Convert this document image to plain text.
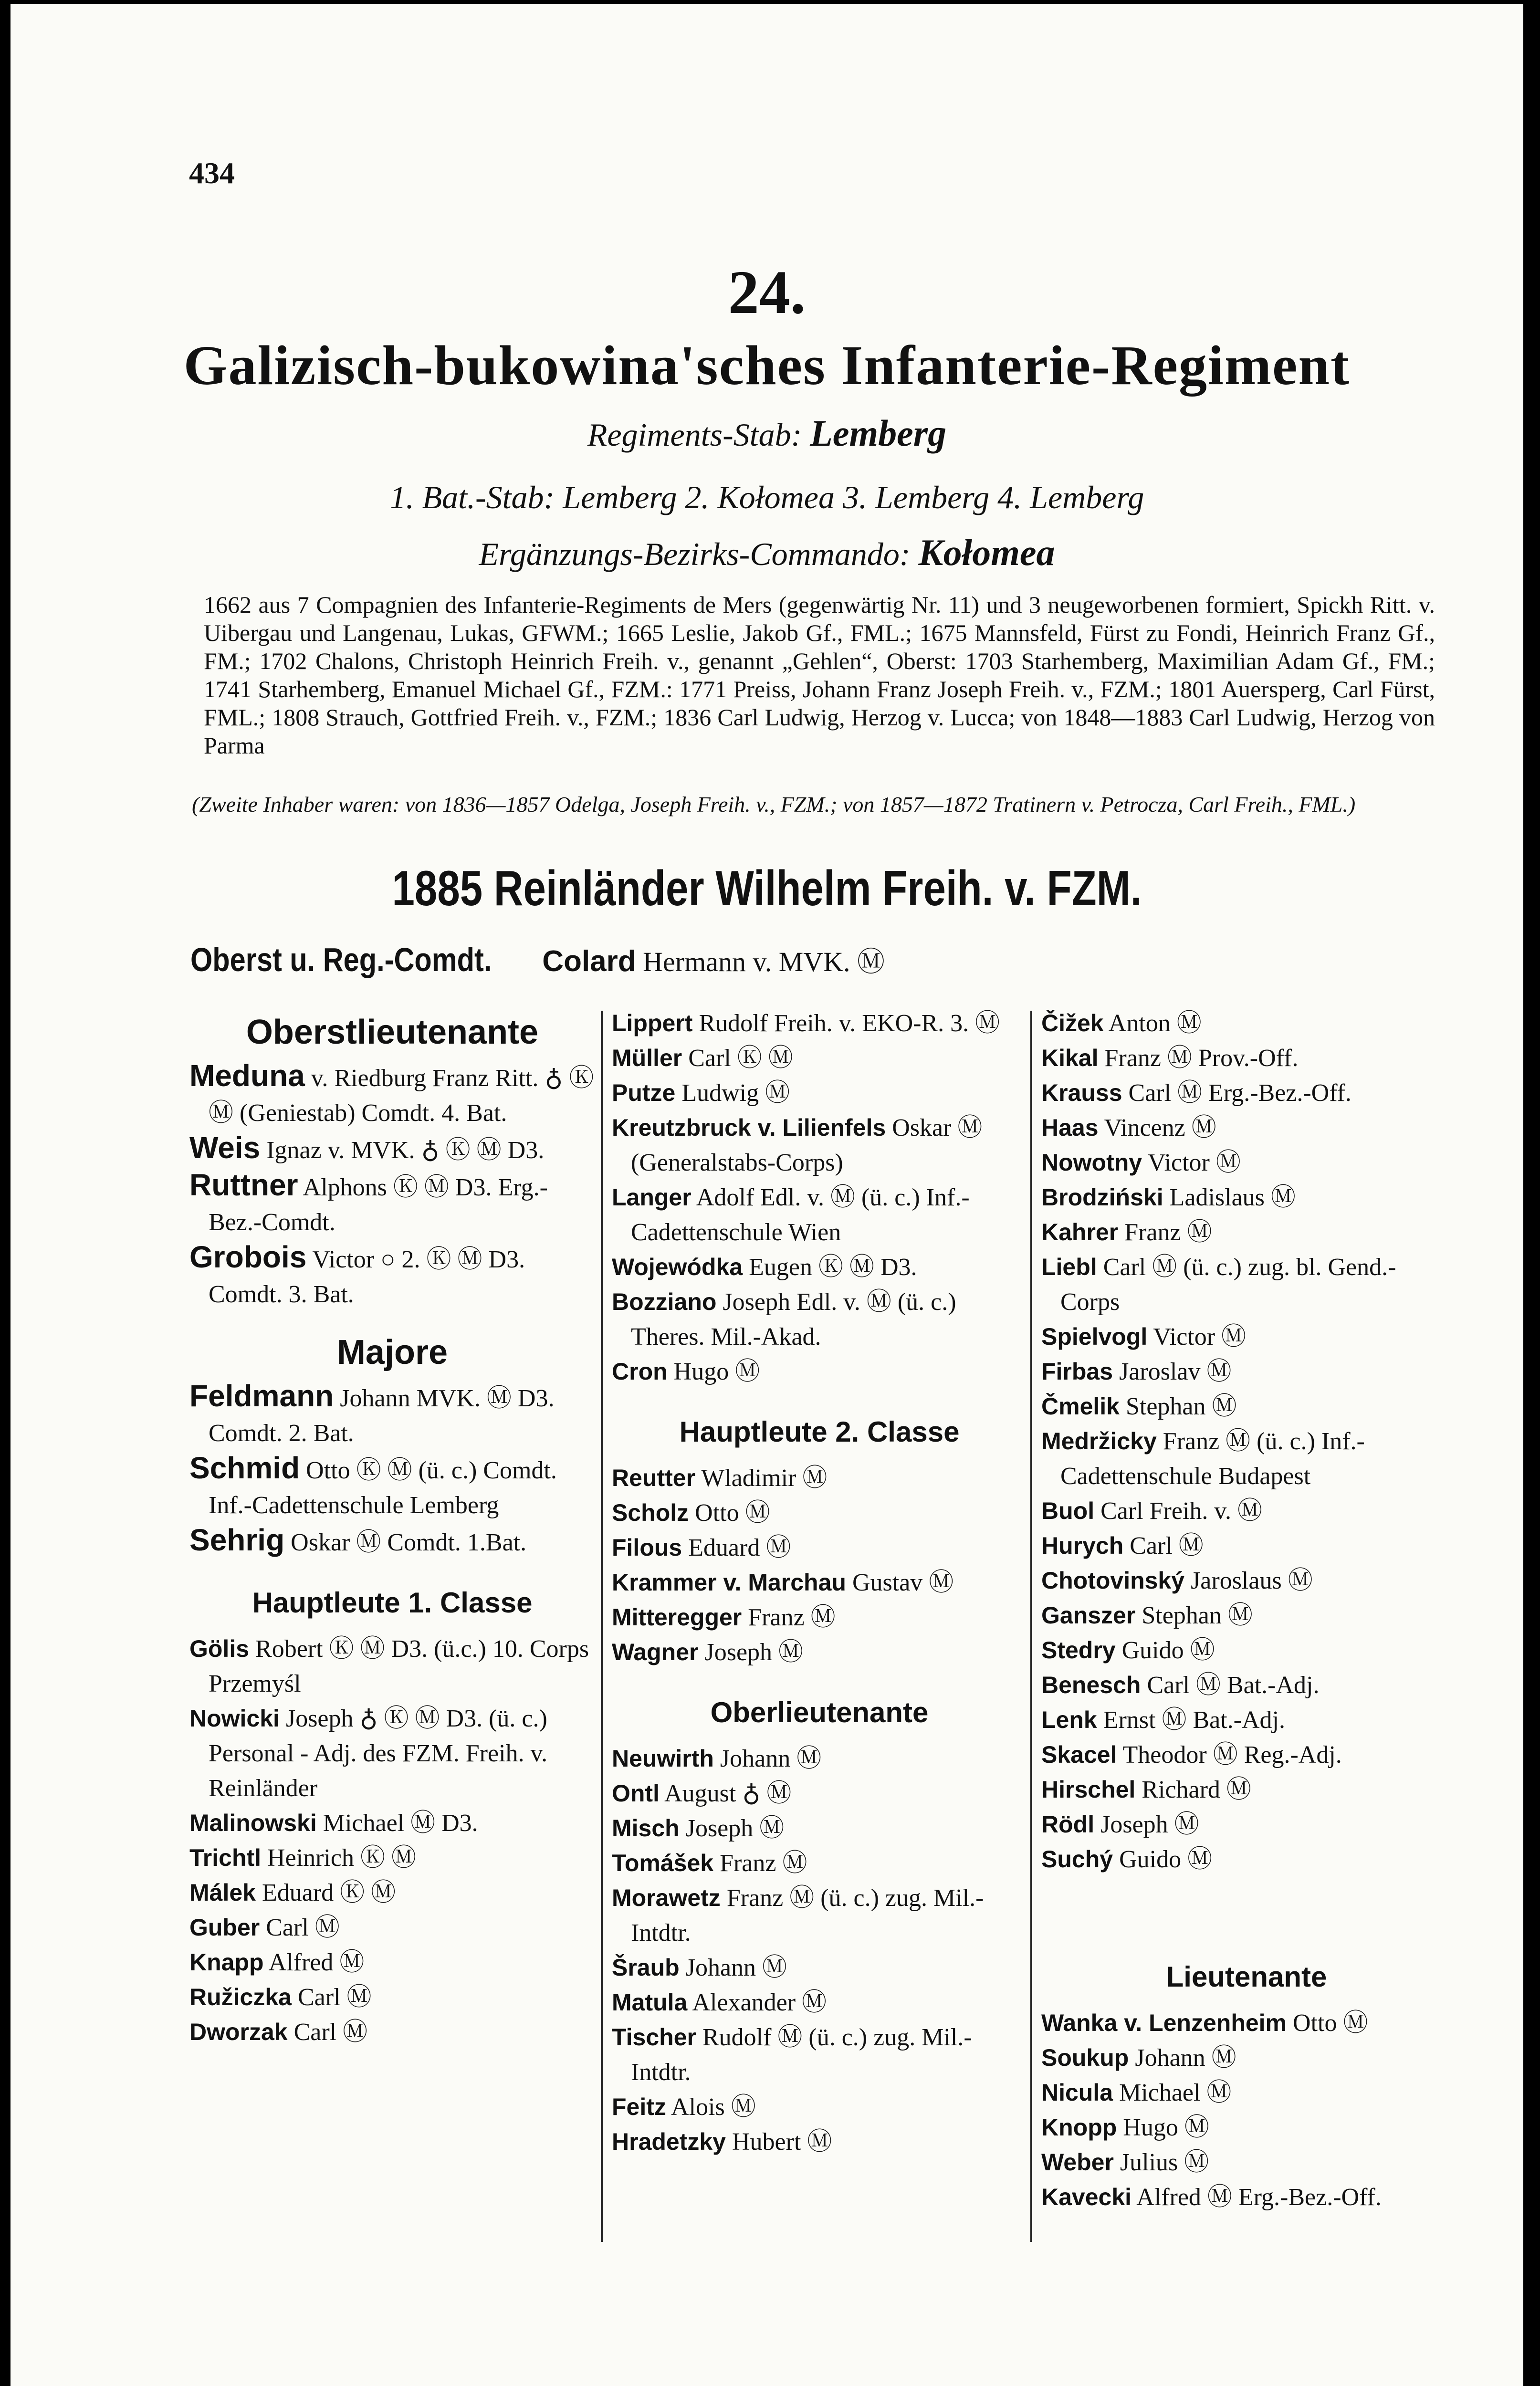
434
24.
Galizisch-bukowina'sches Infanterie-Regiment
Regiments-Stab: Lemberg
1. Bat.-Stab: Lemberg 2. Kołomea 3. Lemberg 4. Lemberg
Ergänzungs-Bezirks-Commando: Kołomea
1662 aus 7 Compagnien des Infanterie-Regiments de Mers (gegenwärtig Nr. 11) und 3 neugeworbenen formiert, Spickh Ritt. v. Uibergau und Langenau, Lukas, GFWM.; 1665 Leslie, Jakob Gf., FML.; 1675 Mannsfeld, Fürst zu Fondi, Heinrich Franz Gf., FM.; 1702 Chalons, Christoph Heinrich Freih. v., genannt „Gehlen“, Oberst: 1703 Starhemberg, Maximilian Adam Gf., FM.; 1741 Starhemberg, Emanuel Michael Gf., FZM.: 1771 Preiss, Johann Franz Joseph Freih. v., FZM.; 1801 Auersperg, Carl Fürst, FML.; 1808 Strauch, Gottfried Freih. v., FZM.; 1836 Carl Ludwig, Herzog v. Lucca; von 1848—1883 Carl Ludwig, Herzog von Parma
(Zweite Inhaber waren: von 1836—1857 Odelga, Joseph Freih. v., FZM.; von 1857—1872 Tratinern v. Petrocza, Carl Freih., FML.)
1885 Reinländer Wilhelm Freih. v. FZM.
Oberst u. Reg.-Comdt. Colard Hermann v. MVK. Ⓜ
Oberstlieutenante
Meduna v. Riedburg Franz Ritt. ♁ Ⓚ Ⓜ (Geniestab) Comdt. 4. Bat.
Weis Ignaz v. MVK. ♁ Ⓚ Ⓜ D3.
Ruttner Alphons Ⓚ Ⓜ D3. Erg.-Bez.-Comdt.
Grobois Victor ○ 2. Ⓚ Ⓜ D3. Comdt. 3. Bat.
Majore
Feldmann Johann MVK. Ⓜ D3. Comdt. 2. Bat.
Schmid Otto Ⓚ Ⓜ (ü. c.) Comdt. Inf.-Cadettenschule Lemberg
Sehrig Oskar Ⓜ Comdt. 1.Bat.
Hauptleute 1. Classe
Gölis Robert Ⓚ Ⓜ D3. (ü.c.) 10. Corps Przemyśl
Nowicki Joseph ♁ Ⓚ Ⓜ D3. (ü. c.) Personal - Adj. des FZM. Freih. v. Reinländer
Malinowski Michael Ⓜ D3.
Trichtl Heinrich Ⓚ Ⓜ
Málek Eduard Ⓚ Ⓜ
Guber Carl Ⓜ
Knapp Alfred Ⓜ
Ružiczka Carl Ⓜ
Dworzak Carl Ⓜ
Lippert Rudolf Freih. v. EKO-R. 3. Ⓜ
Müller Carl Ⓚ Ⓜ
Putze Ludwig Ⓜ
Kreutzbruck v. Lilienfels Oskar Ⓜ (Generalstabs-Corps)
Langer Adolf Edl. v. Ⓜ (ü. c.) Inf.-Cadettenschule Wien
Wojewódka Eugen Ⓚ Ⓜ D3.
Bozziano Joseph Edl. v. Ⓜ (ü. c.) Theres. Mil.-Akad.
Cron Hugo Ⓜ
Hauptleute 2. Classe
Reutter Wladimir Ⓜ
Scholz Otto Ⓜ
Filous Eduard Ⓜ
Krammer v. Marchau Gustav Ⓜ
Mitteregger Franz Ⓜ
Wagner Joseph Ⓜ
Oberlieutenante
Neuwirth Johann Ⓜ
Ontl August ♁ Ⓜ
Misch Joseph Ⓜ
Tomášek Franz Ⓜ
Morawetz Franz Ⓜ (ü. c.) zug. Mil.-Intdtr.
Šraub Johann Ⓜ
Matula Alexander Ⓜ
Tischer Rudolf Ⓜ (ü. c.) zug. Mil.-Intdtr.
Feitz Alois Ⓜ
Hradetzky Hubert Ⓜ
Čižek Anton Ⓜ
Kikal Franz Ⓜ Prov.-Off.
Krauss Carl Ⓜ Erg.-Bez.-Off.
Haas Vincenz Ⓜ
Nowotny Victor Ⓜ
Brodziński Ladislaus Ⓜ
Kahrer Franz Ⓜ
Liebl Carl Ⓜ (ü. c.) zug. bl. Gend.-Corps
Spielvogl Victor Ⓜ
Firbas Jaroslav Ⓜ
Čmelik Stephan Ⓜ
Medržicky Franz Ⓜ (ü. c.) Inf.-Cadettenschule Budapest
Buol Carl Freih. v. Ⓜ
Hurych Carl Ⓜ
Chotovinský Jaroslaus Ⓜ
Ganszer Stephan Ⓜ
Stedry Guido Ⓜ
Benesch Carl Ⓜ Bat.-Adj.
Lenk Ernst Ⓜ Bat.-Adj.
Skacel Theodor Ⓜ Reg.-Adj.
Hirschel Richard Ⓜ
Rödl Joseph Ⓜ
Suchý Guido Ⓜ
Lieutenante
Wanka v. Lenzenheim Otto Ⓜ
Soukup Johann Ⓜ
Nicula Michael Ⓜ
Knopp Hugo Ⓜ
Weber Julius Ⓜ
Kavecki Alfred Ⓜ Erg.-Bez.-Off.
